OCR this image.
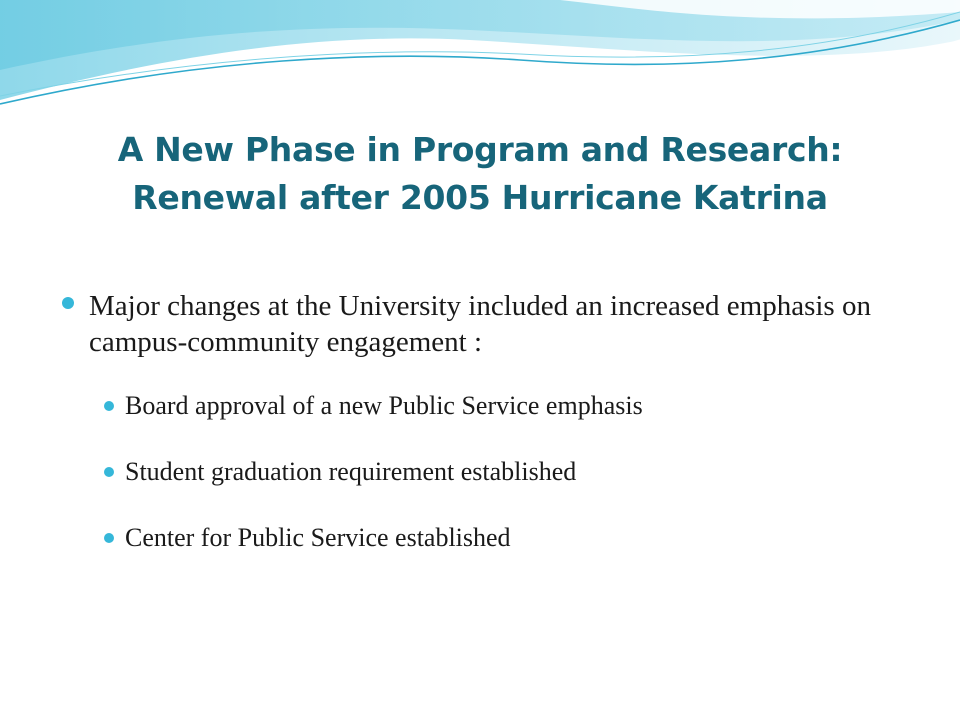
A New Phase in Program and Research:
Renewal after 2005 Hurricane Katrina
Major changes at the University included an increased emphasis on campus-community engagement :
Board approval of a new Public Service emphasis
Student graduation requirement established
Center for Public Service established
